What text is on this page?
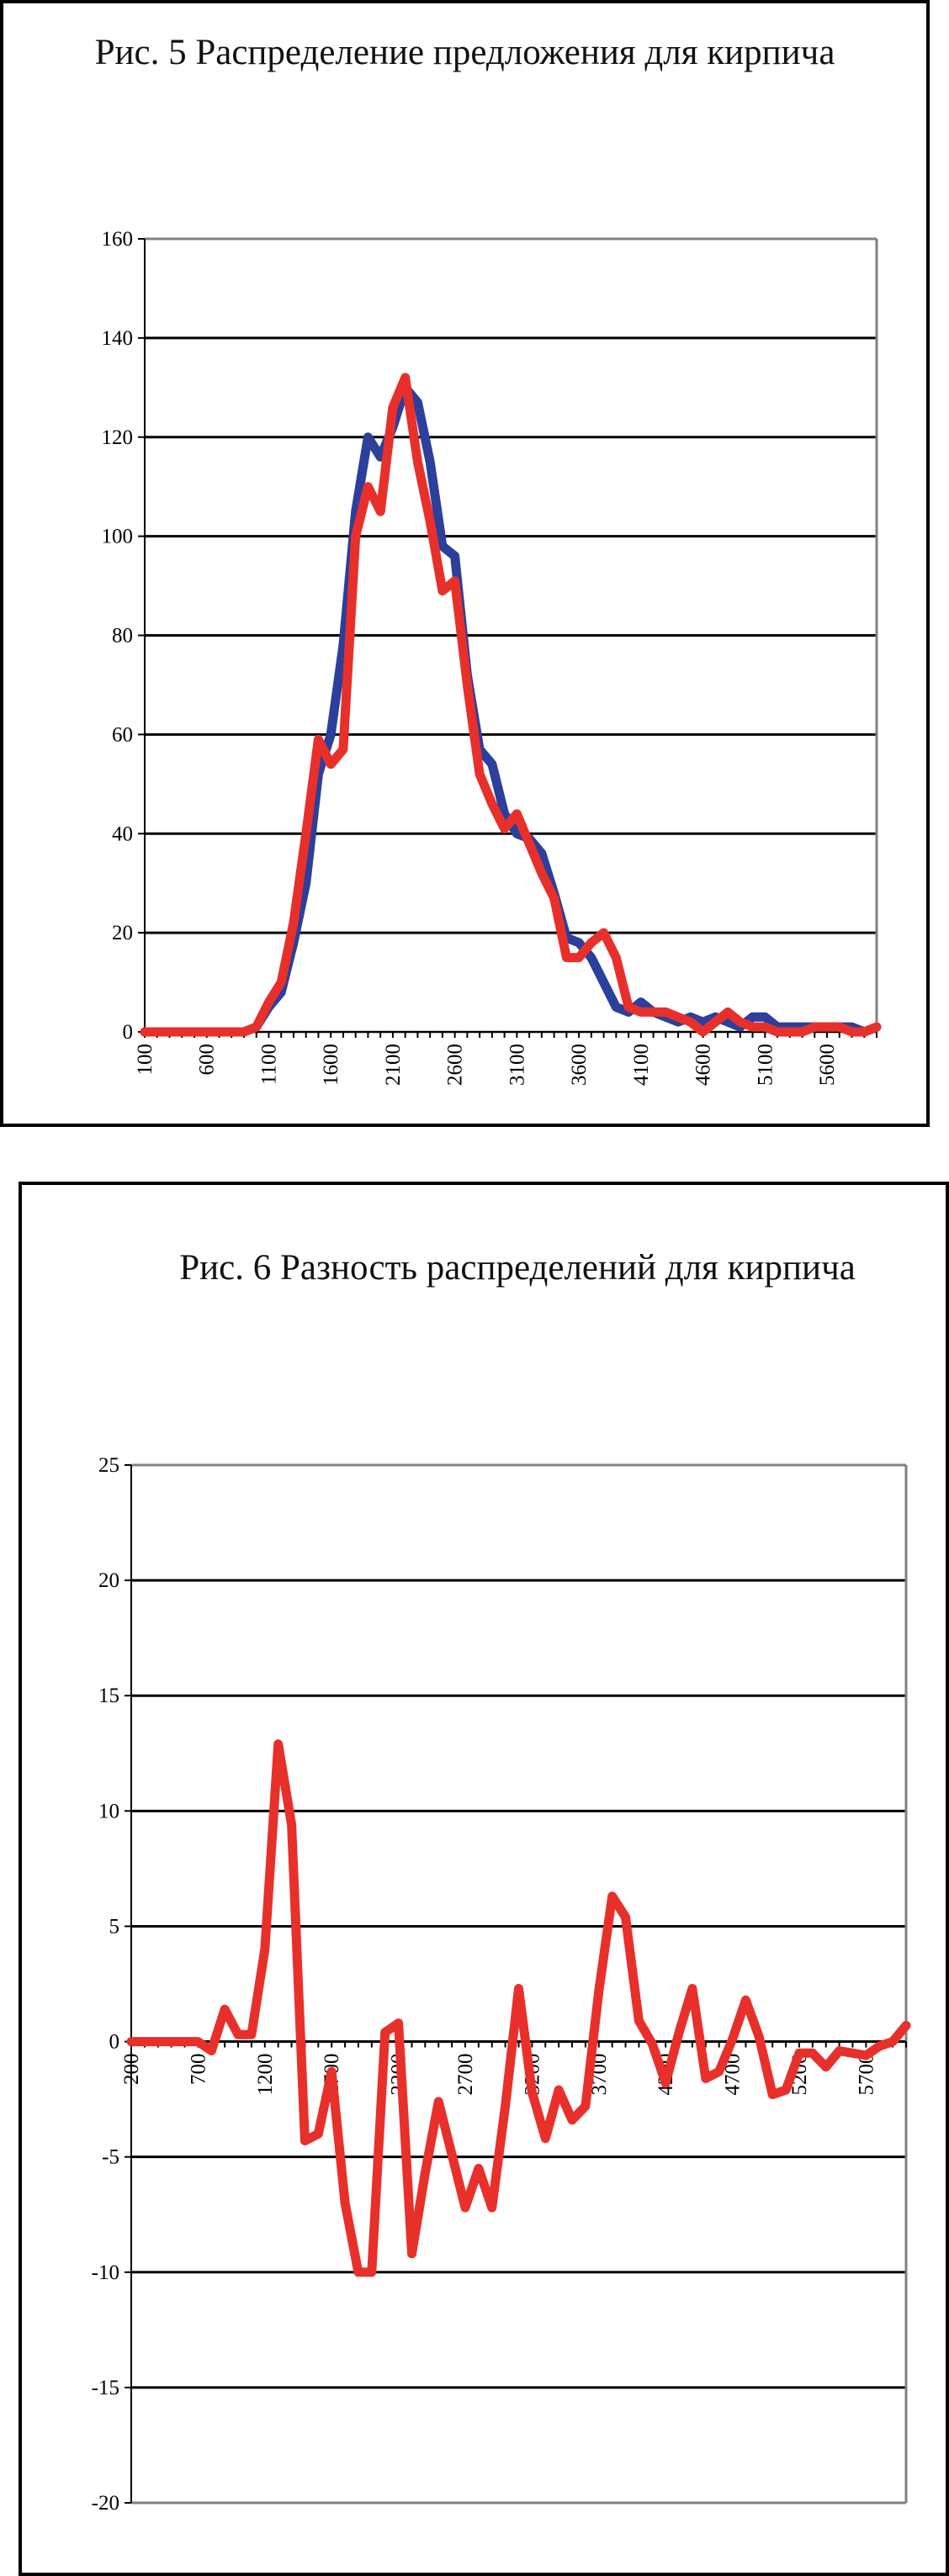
Рис. 5 Распределение предложения для кирпича

0
20
40
60
80
100
120
140
160
100 600 1100 1600 2100 2600 3100 3600 4100 4600 5100 5600

Рис. 6 Разность распределений для кирпича

-20
-15
-10
-5
0
5
10
15
20
25
200 700 1200 1700 2200 2700 3200 3700 4200 4700 5200 5700
